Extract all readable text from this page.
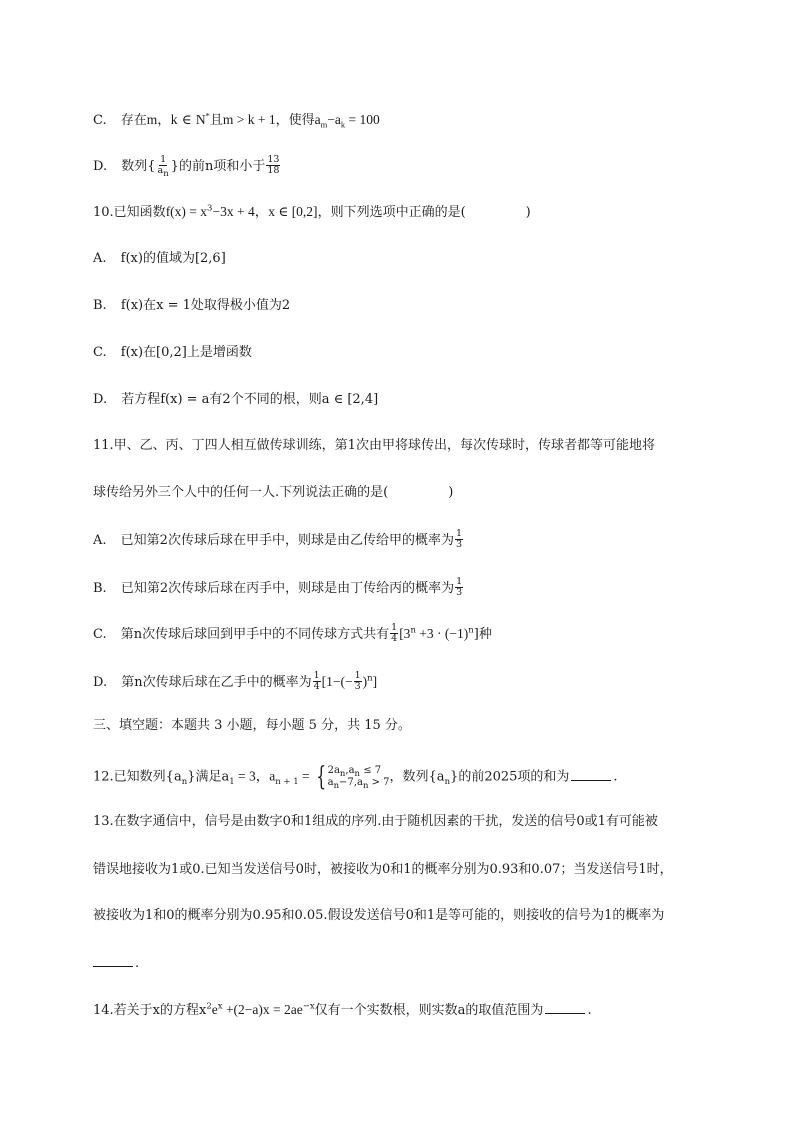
C. 存在m，k ∈ N*且m > k + 1，使得$a_m-a_k = 100$
D. 数列{ $\frac{1}{a_n}$ }的前n项和小于 $\frac{13}{18}$
10.已知函数$f(x) = x^3-3x + 4$，x ∈ [0,2]，则下列选项中正确的是(	)
A. f(x)的值域为[2,6]
B. f(x)在x = 1处取得极小值为2
C. f(x)在[0,2]上是增函数
D. 若方程f(x) = a有2个不同的根，则a ∈ [2,4]
11.甲、乙、丙、丁四人相互做传球训练，第1次由甲将球传出，每次传球时，传球者都等可能地将
球传给另外三个人中的任何一人.下列说法正确的是(	)
A. 已知第2次传球后球在甲手中，则球是由乙传给甲的概率为 $\frac{1}{3}$
B. 已知第2次传球后球在丙手中，则球是由丁传给丙的概率为 $\frac{1}{3}$
C. 第n次传球后球回到甲手中的不同传球方式共有 $\frac{1}{4} [3^n +3 \cdot (-1)^n]$种
D. 第n次传球后球在乙手中的概率为 $\frac{1}{4} [1-(- \frac{1}{3} )^n]$
三、填空题：本题共 3 小题，每小题 5 分，共 15 分。
12.已知数列$\{a_n\}$满足$a_1 = 3$，$a_{n + 1}$ = { $2a_n,a_n \le 7$
$a_n-7,a_n > 7$ ，数列$\{a_n\}$的前2025项的和为	.
13.在数字通信中，信号是由数字0和1组成的序列.由于随机因素的干扰，发送的信号0或1有可能被
错误地接收为1或0.已知当发送信号0时，被接收为0和1的概率分别为0.93和0.07；当发送信号1时，
被接收为1和0的概率分别为0.95和0.05.假设发送信号0和1是等可能的，则接收的信号为1的概率为
.
14.若关于x的方程$x^2e^x +(2-a)x = 2ae^{-x}$仅有一个实数根，则实数a的取值范围为	.
